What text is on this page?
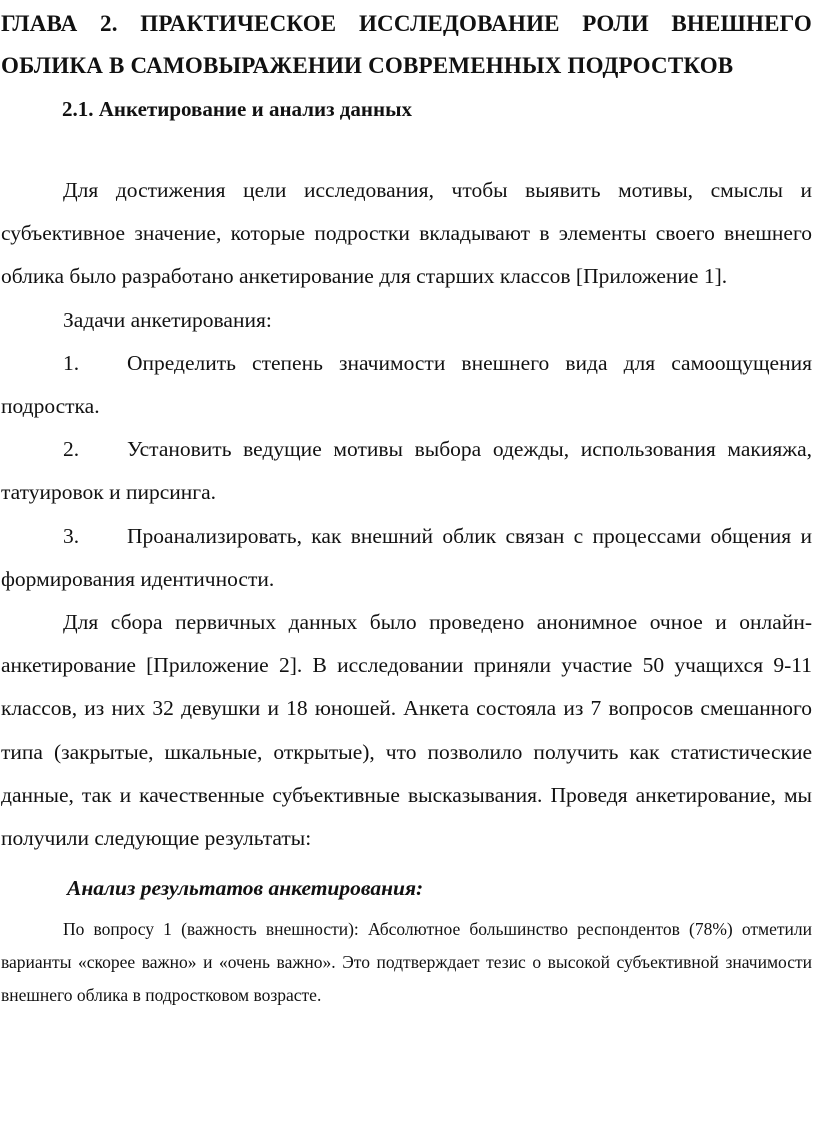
ГЛАВА 2. ПРАКТИЧЕСКОЕ ИССЛЕДОВАНИЕ РОЛИ ВНЕШНЕГО ОБЛИКА В САМОВЫРАЖЕНИИ СОВРЕМЕННЫХ ПОДРОСТКОВ
2.1. Анкетирование и анализ данных

Для достижения цели исследования, чтобы выявить мотивы, смыслы и субъективное значение, которые подростки вкладывают в элементы своего внешнего облика было разработано анкетирование для старших классов [Приложение 1].

Задачи анкетирования:

1. Определить степень значимости внешнего вида для самоощущения подростка.

2. Установить ведущие мотивы выбора одежды, использования макияжа, татуировок и пирсинга.

3. Проанализировать, как внешний облик связан с процессами общения и формирования идентичности.

Для сбора первичных данных было проведено анонимное очное и онлайн-анкетирование [Приложение 2]. В исследовании приняли участие 50 учащихся 9-11 классов, из них 32 девушки и 18 юношей. Анкета состояла из 7 вопросов смешанного типа (закрытые, шкальные, открытые), что позволило получить как статистические данные, так и качественные субъективные высказывания. Проведя анкетирование, мы получили следующие результаты:

Анализ результатов анкетирования:

По вопросу 1 (важность внешности): Абсолютное большинство респондентов (78%) отметили варианты «скорее важно» и «очень важно». Это подтверждает тезис о высокой субъективной значимости внешнего облика в подростковом возрасте.
